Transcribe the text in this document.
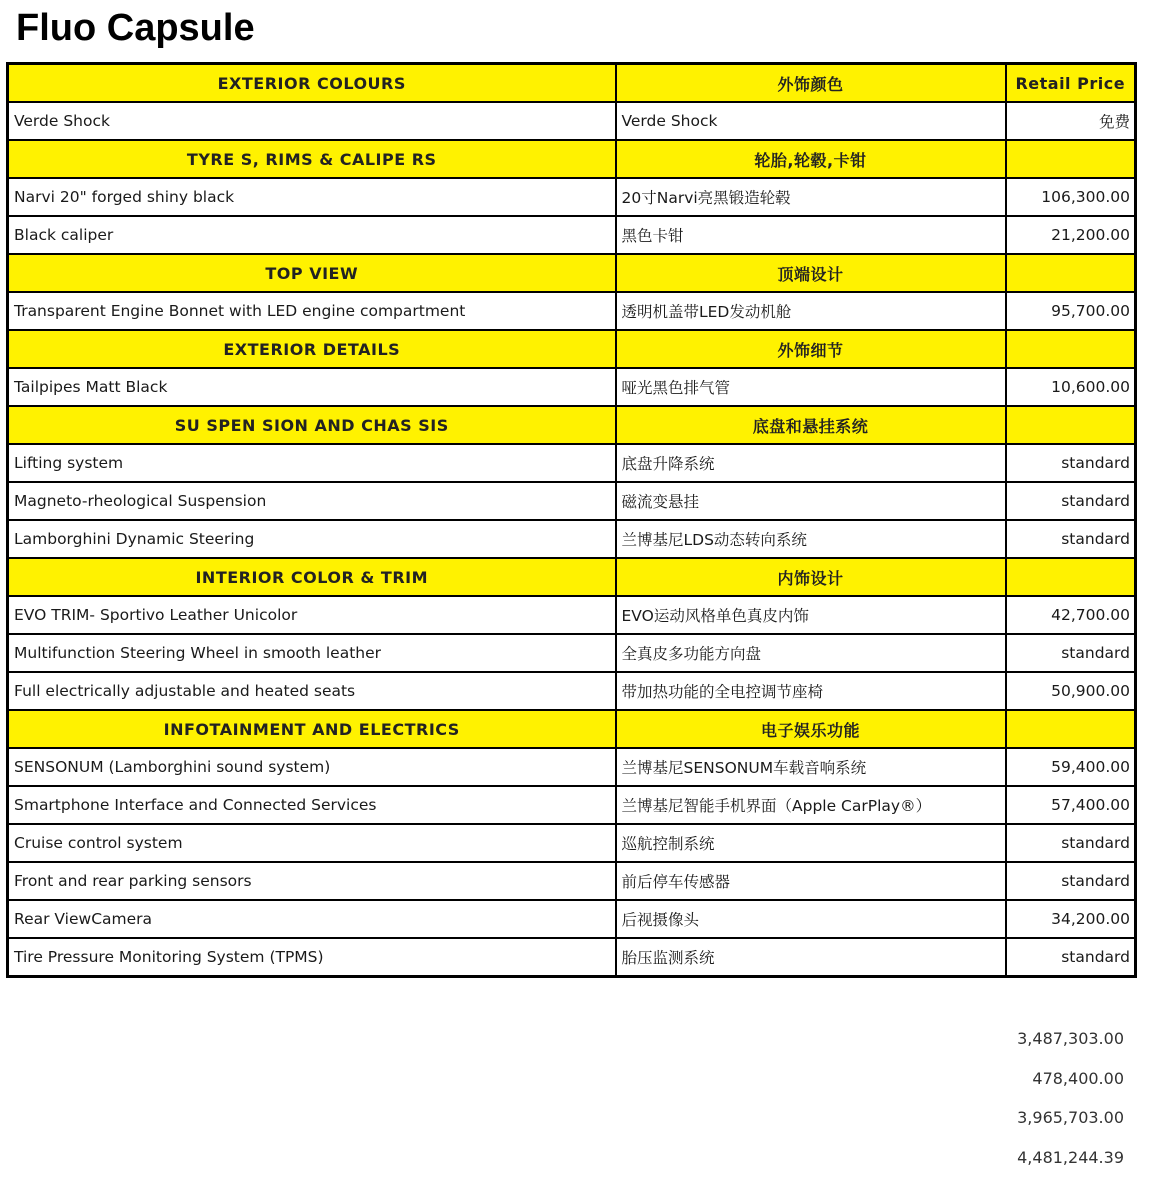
Fluo Capsule
EXTERIOR COLOURS	外饰颜色	Retail Price
Verde Shock	Verde Shock	免费
TYRE S, RIMS & CALIPE RS	轮胎,轮毂,卡钳	
Narvi 20" forged shiny black	20寸Narvi亮黑锻造轮毂	106,300.00
Black caliper	黑色卡钳	21,200.00
TOP VIEW	顶端设计	
Transparent Engine Bonnet with LED engine compartment	透明机盖带LED发动机舱	95,700.00
EXTERIOR DETAILS	外饰细节	
Tailpipes Matt Black	哑光黑色排气管	10,600.00
SU SPEN SION AND CHAS SIS	底盘和悬挂系统	
Lifting system	底盘升降系统	standard
Magneto-rheological Suspension	磁流变悬挂	standard
Lamborghini Dynamic Steering	兰博基尼LDS动态转向系统	standard
INTERIOR COLOR & TRIM	内饰设计	
EVO TRIM- Sportivo Leather Unicolor	EVO运动风格单色真皮内饰	42,700.00
Multifunction Steering Wheel in smooth leather	全真皮多功能方向盘	standard
Full electrically adjustable and heated seats	带加热功能的全电控调节座椅	50,900.00
INFOTAINMENT AND ELECTRICS	电子娱乐功能	
SENSONUM (Lamborghini sound system)	兰博基尼SENSONUM车载音响系统	59,400.00
Smartphone Interface and Connected Services	兰博基尼智能手机界面（Apple CarPlay®）	57,400.00
Cruise control system	巡航控制系统	standard
Front and rear parking sensors	前后停车传感器	standard
Rear ViewCamera	后视摄像头	34,200.00
Tire Pressure Monitoring System (TPMS)	胎压监测系统	standard
3,487,303.00
478,400.00
3,965,703.00
4,481,244.39
